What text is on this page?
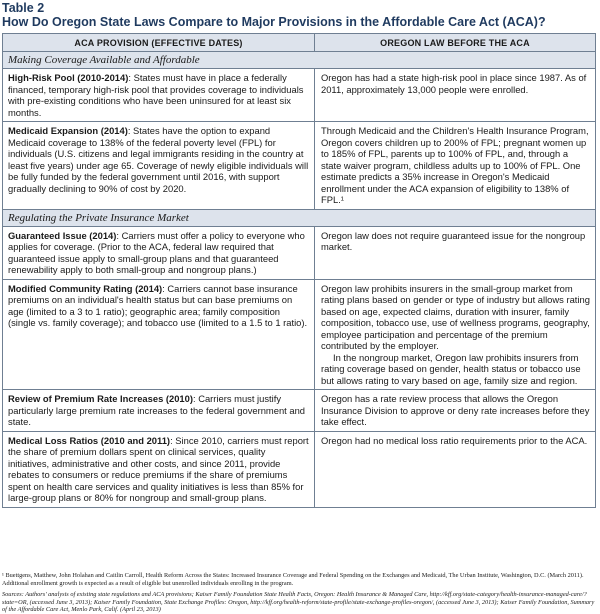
Table 2
How Do Oregon State Laws Compare to Major Provisions in the Affordable Care Act (ACA)?
ACA PROVISION (EFFECTIVE DATES)	OREGON LAW BEFORE THE ACA
Making Coverage Available and Affordable
High-Risk Pool (2010-2014): States must have in place a federally financed, temporary high-risk pool that provides coverage to individuals with pre-existing conditions who have been uninsured for at least six months.
Oregon has had a state high-risk pool in place since 1987. As of 2011, approximately 13,000 people were enrolled.
Medicaid Expansion (2014): States have the option to expand Medicaid coverage to 138% of the federal poverty level (FPL) for individuals (U.S. citizens and legal immigrants residing in the country at least five years) under age 65. Coverage of newly eligible individuals will be fully funded by the federal government until 2016, with support gradually declining to 90% of cost by 2020.
Through Medicaid and the Children's Health Insurance Program, Oregon covers children up to 200% of FPL; pregnant women up to 185% of FPL, parents up to 100% of FPL, and, through a state waiver program, childless adults up to 100% of FPL. One estimate predicts a 35% increase in Oregon's Medicaid enrollment under the ACA expansion of eligibility to 138% of FPL.¹
Regulating the Private Insurance Market
Guaranteed Issue (2014): Carriers must offer a policy to everyone who applies for coverage. (Prior to the ACA, federal law required that guaranteed issue apply to small-group plans and that guaranteed renewability apply to both small-group and nongroup plans.)
Oregon law does not require guaranteed issue for the nongroup market.
Modified Community Rating (2014): Carriers cannot base insurance premiums on an individual's health status but can base premiums on age (limited to a 3 to 1 ratio); geographic area; family composition (single vs. family coverage); and tobacco use (limited to a 1.5 to 1 ratio).
Oregon law prohibits insurers in the small-group market from rating plans based on gender or type of industry but allows rating based on age, expected claims, duration with insurer, family composition, tobacco use, use of wellness programs, geography, employee participation and percentage of the premium contributed by the employer.
In the nongroup market, Oregon law prohibits insurers from rating coverage based on gender, health status or tobacco use but allows rating to vary based on age, family size and region.
Review of Premium Rate Increases (2010): Carriers must justify particularly large premium rate increases to the federal government and state.
Oregon has a rate review process that allows the Oregon Insurance Division to approve or deny rate increases before they take effect.
Medical Loss Ratios (2010 and 2011): Since 2010, carriers must report the share of premium dollars spent on clinical services, quality initiatives, administrative and other costs, and since 2011, provide rebates to consumers or reduce premiums if the share of premiums spent on health care services and quality initiatives is less than 85% for large-group plans or 80% for nongroup and small-group plans.
Oregon had no medical loss ratio requirements prior to the ACA.
¹ Buettgens, Matthew, John Holahan and Caitlin Carroll, Health Reform Across the States: Increased Insurance Coverage and Federal Spending on the Exchanges and Medicaid, The Urban Institute, Washington, D.C. (March 2011). Additional enrollment growth is expected as a result of eligible but unenrolled individuals enrolling in the program.
Sources: Authors' analysis of existing state regulations and ACA provisions; Kaiser Family Foundation State Health Facts, Oregon: Health Insurance & Managed Care, http://kff.org/state-category/health-insurance-managed-care/?state=OR, (accessed June 3, 2013); Kaiser Family Foundation, State Exchange Profiles: Oregon, http://kff.org/health-reform/state-profile/state-exchange-profiles-oregon/, (accessed June 3, 2013); Kaiser Family Foundation, Summary of the Affordable Care Act, Menlo Park, Calif. (April 23, 2013)
